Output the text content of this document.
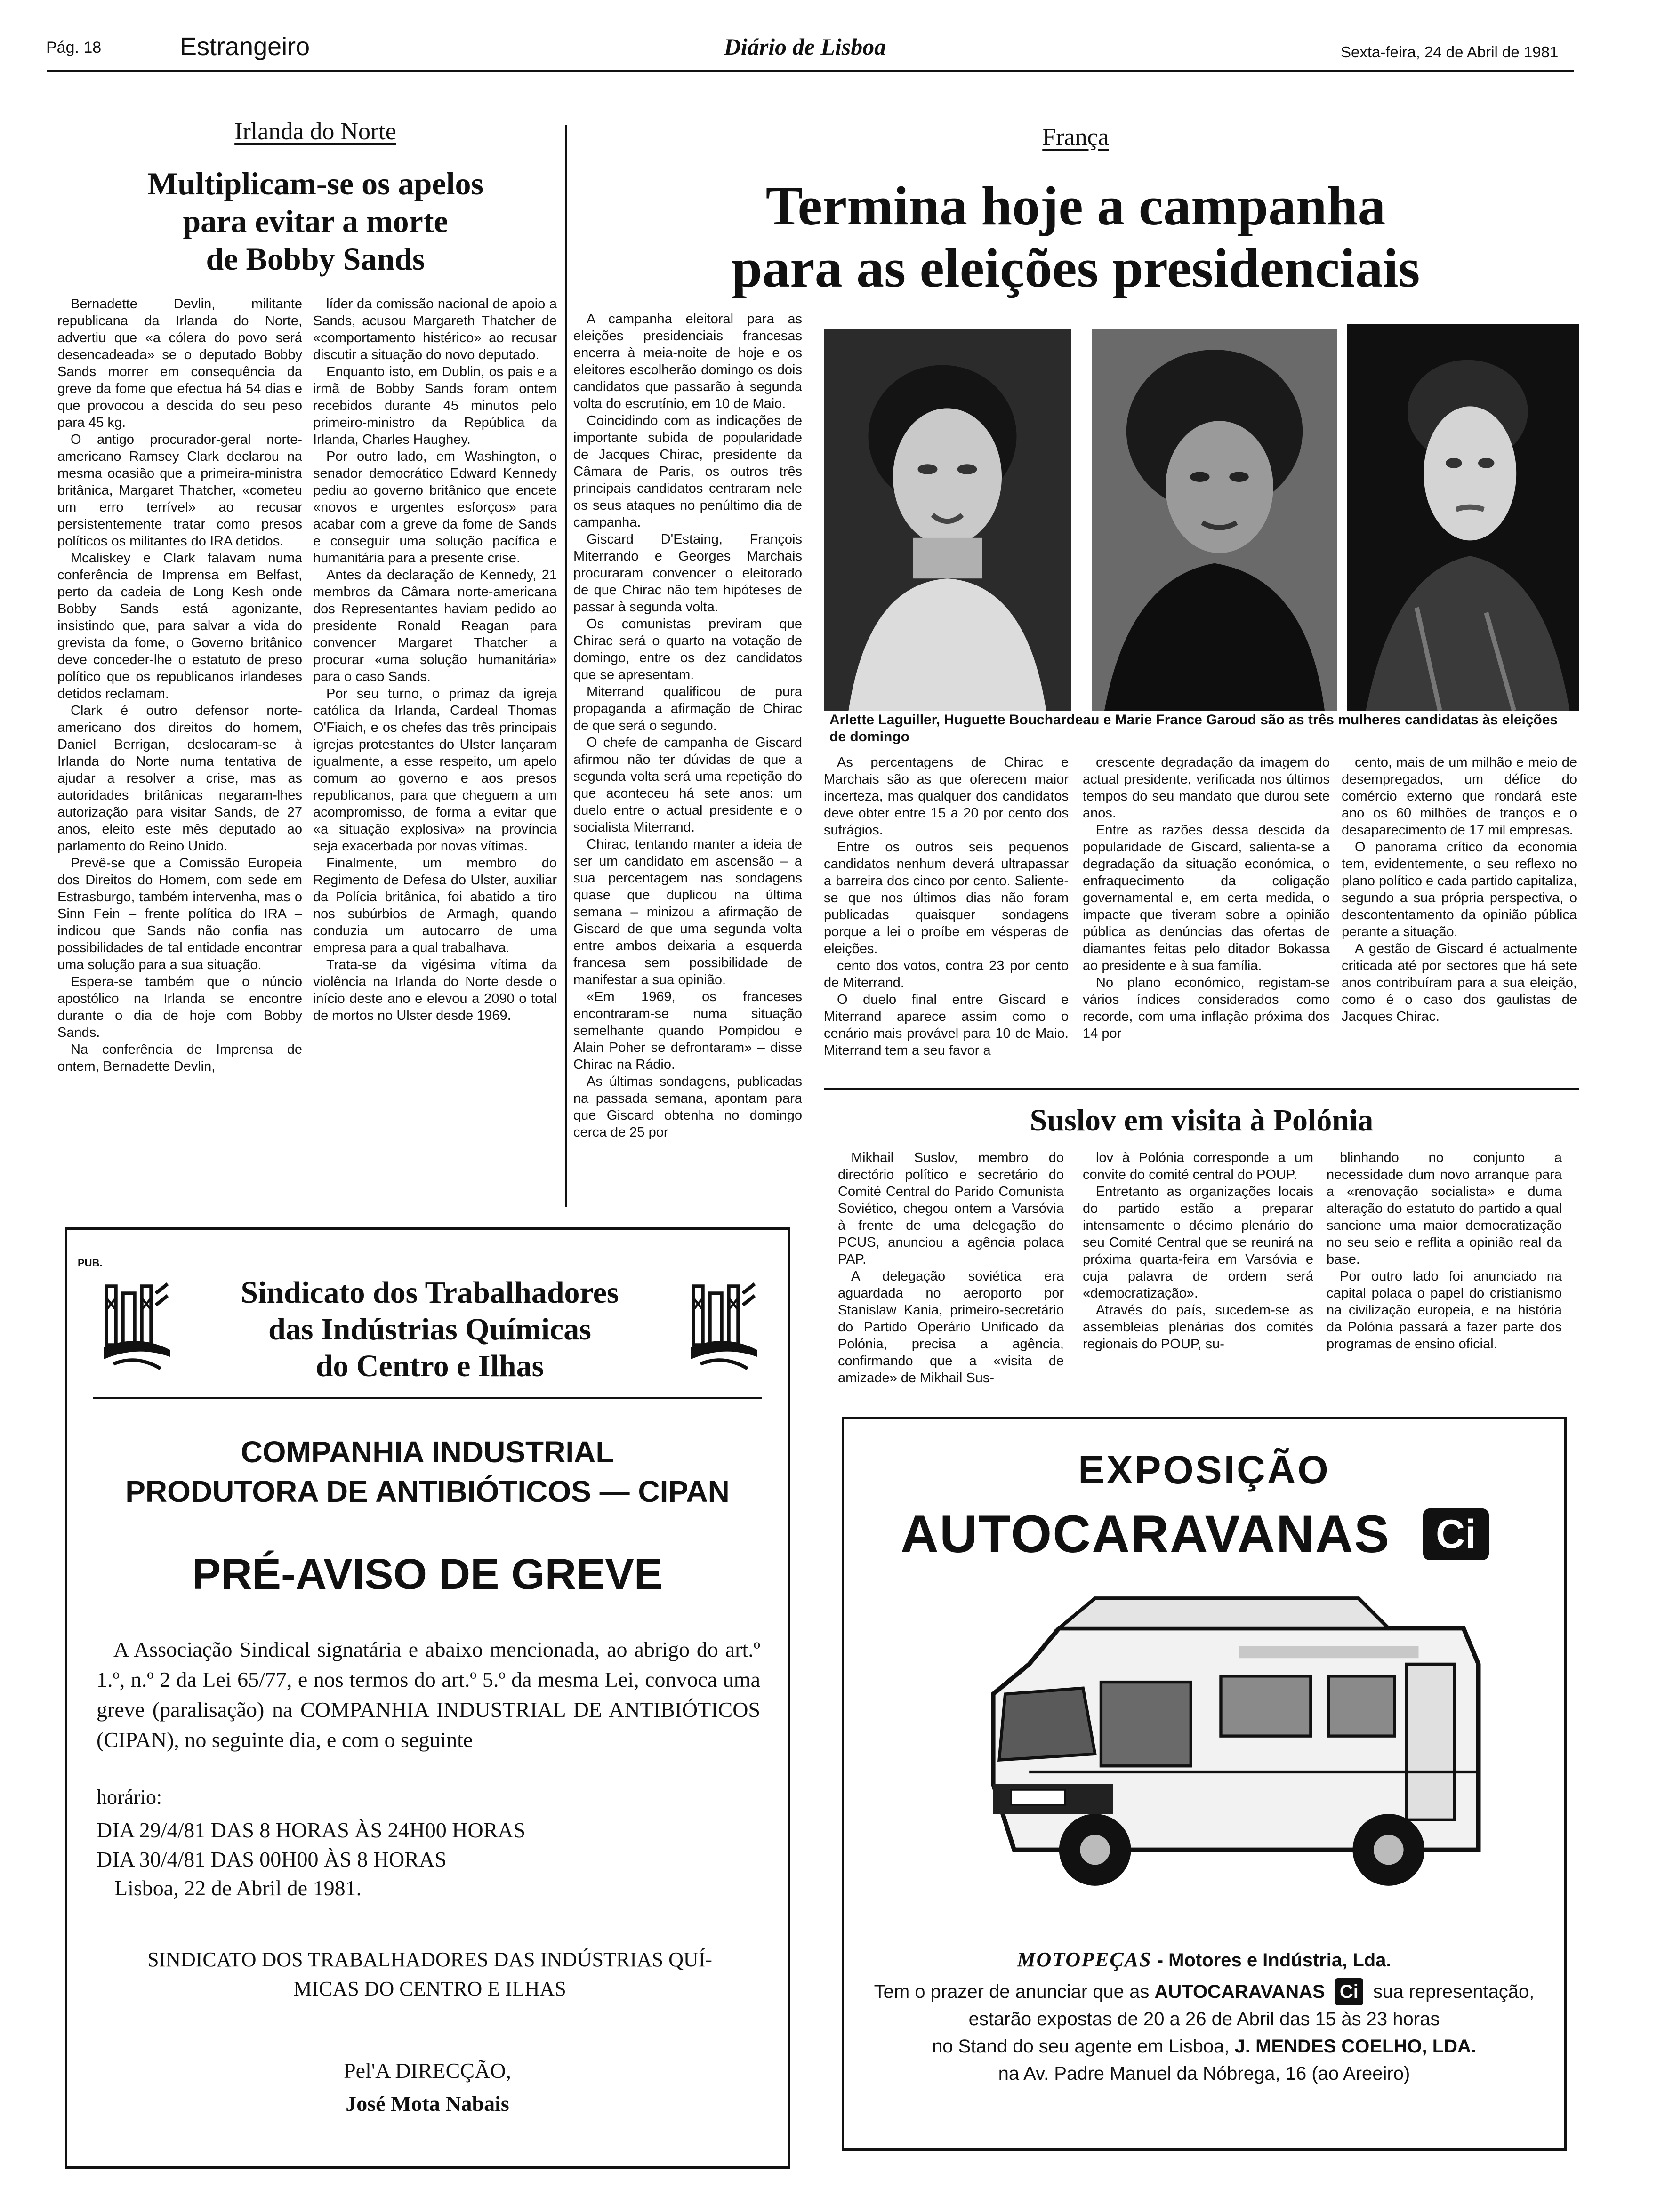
Pág. 18	Estrangeiro	Diário de Lisboa	Sexta-feira, 24 de Abril de 1981
Irlanda do Norte
Multiplicam-se os apelos
para evitar a morte
de Bobby Sands

Bernadette Devlin, militante republicana da Irlanda do Norte, advertiu que «a cólera do povo será desencadeada» se o deputado Bobby Sands morrer em consequência da greve da fome que efectua há 54 dias e que provocou a descida do seu peso para 45 kg.

O antigo procurador-geral norte-americano Ramsey Clark declarou na mesma ocasião que a primeira-ministra britânica, Margaret Thatcher, «cometeu um erro terrível» ao recusar persistentemente tratar como presos políticos os militantes do IRA detidos.

Mcaliskey e Clark falavam numa conferência de Imprensa em Belfast, perto da cadeia de Long Kesh onde Bobby Sands está agonizante, insistindo que, para salvar a vida do grevista da fome, o Governo britânico deve conceder-lhe o estatuto de preso político que os republicanos irlandeses detidos reclamam.

Clark é outro defensor norte-americano dos direitos do homem, Daniel Berrigan, deslocaram-se à Irlanda do Norte numa tentativa de ajudar a resolver a crise, mas as autoridades britânicas negaram-lhes autorização para visitar Sands, de 27 anos, eleito este mês deputado ao parlamento do Reino Unido.

Prevê-se que a Comissão Europeia dos Direitos do Homem, com sede em Estrasburgo, também intervenha, mas o Sinn Fein – frente política do IRA – indicou que Sands não confia nas possibilidades de tal entidade encontrar uma solução para a sua situação.

Espera-se também que o núncio apostólico na Irlanda se encontre durante o dia de hoje com Bobby Sands.

Na conferência de Imprensa de ontem, Bernadette Devlin,

líder da comissão nacional de apoio a Sands, acusou Margareth Thatcher de «comportamento histérico» ao recusar discutir a situação do novo deputado.

Enquanto isto, em Dublin, os pais e a irmã de Bobby Sands foram ontem recebidos durante 45 minutos pelo primeiro-ministro da República da Irlanda, Charles Haughey.

Por outro lado, em Washington, o senador democrático Edward Kennedy pediu ao governo britânico que encete «novos e urgentes esforços» para acabar com a greve da fome de Sands e conseguir uma solução pacífica e humanitária para a presente crise.

Antes da declaração de Kennedy, 21 membros da Câmara norte-americana dos Representantes haviam pedido ao presidente Ronald Reagan para convencer Margaret Thatcher a procurar «uma solução humanitária» para o caso Sands.

Por seu turno, o primaz da igreja católica da Irlanda, Cardeal Thomas O'Fiaich, e os chefes das três principais igrejas protestantes do Ulster lançaram igualmente, a esse respeito, um apelo comum ao governo e aos presos republicanos, para que cheguem a um acompromisso, de forma a evitar que «a situação explosiva» na província seja exacerbada por novas vítimas.

Finalmente, um membro do Regimento de Defesa do Ulster, auxiliar da Polícia britânica, foi abatido a tiro nos subúrbios de Armagh, quando conduzia um autocarro de uma empresa para a qual trabalhava.

Trata-se da vigésima vítima da violência na Irlanda do Norte desde o início deste ano e elevou a 2090 o total de mortos no Ulster desde 1969.

França
Termina hoje a campanha
para as eleições presidenciais

A campanha eleitoral para as eleições presidenciais francesas encerra à meia-noite de hoje e os eleitores escolherão domingo os dois candidatos que passarão à segunda volta do escrutínio, em 10 de Maio.

Coincidindo com as indicações de importante subida de popularidade de Jacques Chirac, presidente da Câmara de Paris, os outros três principais candidatos centraram nele os seus ataques no penúltimo dia de campanha.

Giscard D'Estaing, François Miterrando e Georges Marchais procuraram convencer o eleitorado de que Chirac não tem hipóteses de passar à segunda volta.

Os comunistas previram que Chirac será o quarto na votação de domingo, entre os dez candidatos que se apresentam.

Miterrand qualificou de pura propaganda a afirmação de Chirac de que será o segundo.

O chefe de campanha de Giscard afirmou não ter dúvidas de que a segunda volta será uma repetição do que aconteceu há sete anos: um duelo entre o actual presidente e o socialista Miterrand.

Chirac, tentando manter a ideia de ser um candidato em ascensão – a sua percentagem nas sondagens quase que duplicou na última semana – minizou a afirmação de Giscard de que uma segunda volta entre ambos deixaria a esquerda francesa sem possibilidade de manifestar a sua opinião.

«Em 1969, os franceses encontraram-se numa situação semelhante quando Pompidou e Alain Poher se defrontaram» – disse Chirac na Rádio.

As últimas sondagens, publicadas na passada semana, apontam para que Giscard obtenha no domingo cerca de 25 por

Arlette Laguiller, Huguette Bouchardeau e Marie France Garoud são as três mulheres candidatas às eleições de domingo

As percentagens de Chirac e Marchais são as que oferecem maior incerteza, mas qualquer dos candidatos deve obter entre 15 a 20 por cento dos sufrágios.

Entre os outros seis pequenos candidatos nenhum deverá ultrapassar a barreira dos cinco por cento. Saliente-se que nos últimos dias não foram publicadas quaisquer sondagens porque a lei o proíbe em vésperas de eleições.

cento dos votos, contra 23 por cento de Miterrand.

O duelo final entre Giscard e Miterrand aparece assim como o cenário mais provável para 10 de Maio. Miterrand tem a seu favor a

crescente degradação da imagem do actual presidente, verificada nos últimos tempos do seu mandato que durou sete anos.

Entre as razões dessa descida da popularidade de Giscard, salienta-se a degradação da situação económica, o enfraquecimento da coligação governamental e, em certa medida, o impacte que tiveram sobre a opinião pública as denúncias das ofertas de diamantes feitas pelo ditador Bokassa ao presidente e à sua família.

No plano económico, registam-se vários índices considerados como recorde, com uma inflação próxima dos 14 por

cento, mais de um milhão e meio de desempregados, um défice do comércio externo que rondará este ano os 60 milhões de tranços e o desaparecimento de 17 mil empresas.

O panorama crítico da economia tem, evidentemente, o seu reflexo no plano político e cada partido capitaliza, segundo a sua própria perspectiva, o descontentamento da opinião pública perante a situação.

A gestão de Giscard é actualmente criticada até por sectores que há sete anos contribuíram para a sua eleição, como é o caso dos gaulistas de Jacques Chirac.

Suslov em visita à Polónia

Mikhail Suslov, membro do directório político e secretário do Comité Central do Parido Comunista Soviético, chegou ontem a Varsóvia à frente de uma delegação do PCUS, anunciou a agência polaca PAP.

A delegação soviética era aguardada no aeroporto por Stanislaw Kania, primeiro-secretário do Partido Operário Unificado da Polónia, precisa a agência, confirmando que a «visita de amizade» de Mikhail Sus-

lov à Polónia corresponde a um convite do comité central do POUP.

Entretanto as organizações locais do partido estão a preparar intensamente o décimo plenário do seu Comité Central que se reunirá na próxima quarta-feira em Varsóvia e cuja palavra de ordem será «democratização».

Através do país, sucedem-se as assembleias plenárias dos comités regionais do POUP, su-

blinhando no conjunto a necessidade dum novo arranque para a «renovação socialista» e duma alteração do estatuto do partido a qual sancione uma maior democratização no seu seio e reflita a opinião real da base.

Por outro lado foi anunciado na capital polaca o papel do cristianismo na civilização europeia, e na história da Polónia passará a fazer parte dos programas de ensino oficial.

PUB.
Sindicato dos Trabalhadores
das Indústrias Químicas
do Centro e Ilhas
COMPANHIA INDUSTRIAL
PRODUTORA DE ANTIBIÓTICOS — CIPAN
PRÉ-AVISO DE GREVE
A Associação Sindical signatária e abaixo mencionada, ao abrigo do art.º 1.º, n.º 2 da Lei 65/77, e nos termos do art.º 5.º da mesma Lei, convoca uma greve (paralisação) na COMPANHIA INDUSTRIAL DE ANTIBIÓTICOS (CIPAN), no seguinte dia, e com o seguinte
horário:
DIA 29/4/81 DAS 8 HORAS ÀS 24H00 HORAS
DIA 30/4/81 DAS 00H00 ÀS 8 HORAS
Lisboa, 22 de Abril de 1981.
SINDICATO DOS TRABALHADORES DAS INDÚSTRIAS QUÍ-
MICAS DO CENTRO E ILHAS
Pel'A DIRECÇÃO,
José Mota Nabais
EXPOSIÇÃO
AUTOCARAVANAS	Ci
MOTOPEÇAS - Motores e Indústria, Lda.
Tem o prazer de anunciar que as AUTOCARAVANAS Ci sua representação,
estarão expostas de 20 a 26 de Abril das 15 às 23 horas
no Stand do seu agente em Lisboa, J. MENDES COELHO, LDA.
na Av. Padre Manuel da Nóbrega, 16 (ao Areeiro)
